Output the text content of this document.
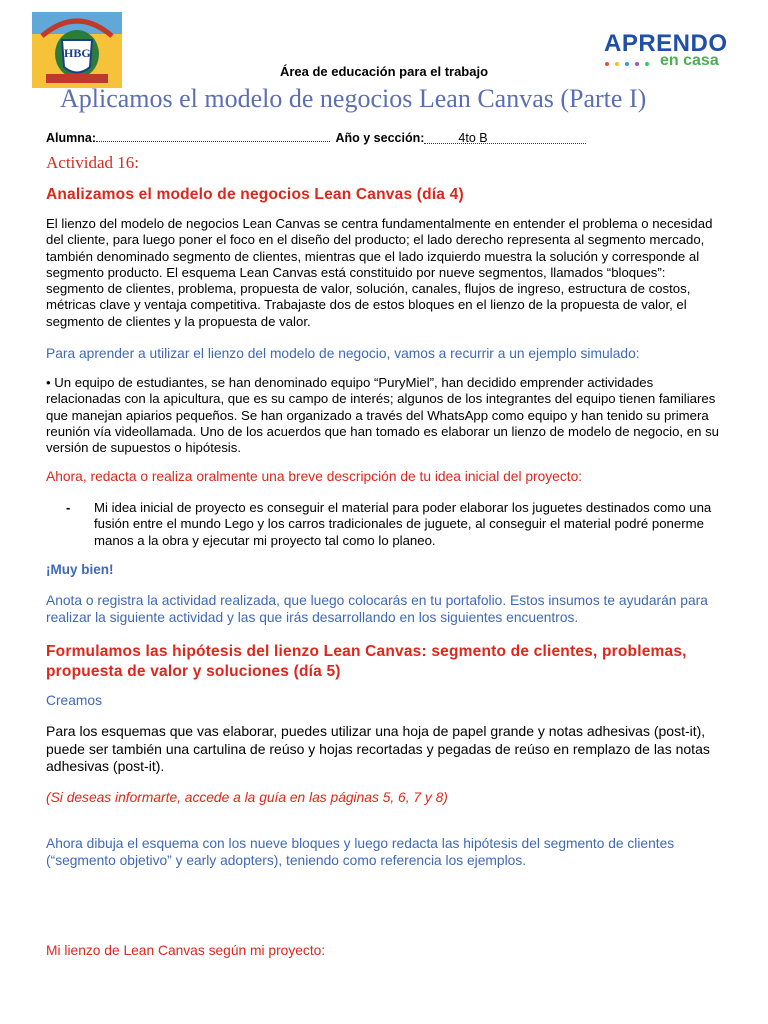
HBG	APRENDO
en casa
Área de educación para el trabajo
Aplicamos el modelo de negocios Lean Canvas (Parte I)
Alumna:	Año y sección:	4to B
Actividad 16:
Analizamos el modelo de negocios Lean Canvas (día 4)
El lienzo del modelo de negocios Lean Canvas se centra fundamentalmente en entender el problema o necesidad del cliente, para luego poner el foco en el diseño del producto; el lado derecho representa al segmento mercado, también denominado segmento de clientes, mientras que el lado izquierdo muestra la solución y corresponde al segmento producto. El esquema Lean Canvas está constituido por nueve segmentos, llamados “bloques”: segmento de clientes, problema, propuesta de valor, solución, canales, flujos de ingreso, estructura de costos, métricas clave y ventaja competitiva. Trabajaste dos de estos bloques en el lienzo de la propuesta de valor, el segmento de clientes y la propuesta de valor.
Para aprender a utilizar el lienzo del modelo de negocio, vamos a recurrir a un ejemplo simulado:
• Un equipo de estudiantes, se han denominado equipo “PuryMiel”, han decidido emprender actividades relacionadas con la apicultura, que es su campo de interés; algunos de los integrantes del equipo tienen familiares que manejan apiarios pequeños. Se han organizado a través del WhatsApp como equipo y han tenido su primera reunión vía videollamada. Uno de los acuerdos que han tomado es elaborar un lienzo de modelo de negocio, en su versión de supuestos o hipótesis.
Ahora, redacta o realiza oralmente una breve descripción de tu idea inicial del proyecto:
- Mi idea inicial de proyecto es conseguir el material para poder elaborar los juguetes destinados como una fusión entre el mundo Lego y los carros tradicionales de juguete, al conseguir el material podré ponerme manos a la obra y ejecutar mi proyecto tal como lo planeo.
¡Muy bien!
Anota o registra la actividad realizada, que luego colocarás en tu portafolio. Estos insumos te ayudarán para realizar la siguiente actividad y las que irás desarrollando en los siguientes encuentros.
Formulamos las hipótesis del lienzo Lean Canvas: segmento de clientes, problemas, propuesta de valor y soluciones (día 5)
Creamos
Para los esquemas que vas elaborar, puedes utilizar una hoja de papel grande y notas adhesivas (post-it), puede ser también una cartulina de reúso y hojas recortadas y pegadas de reúso en remplazo de las notas adhesivas (post-it).
(Si deseas informarte, accede a la guía en las páginas 5, 6, 7 y 8)
Ahora dibuja el esquema con los nueve bloques y luego redacta las hipótesis del segmento de clientes (“segmento objetivo” y early adopters), teniendo como referencia los ejemplos.
Mi lienzo de Lean Canvas según mi proyecto:
